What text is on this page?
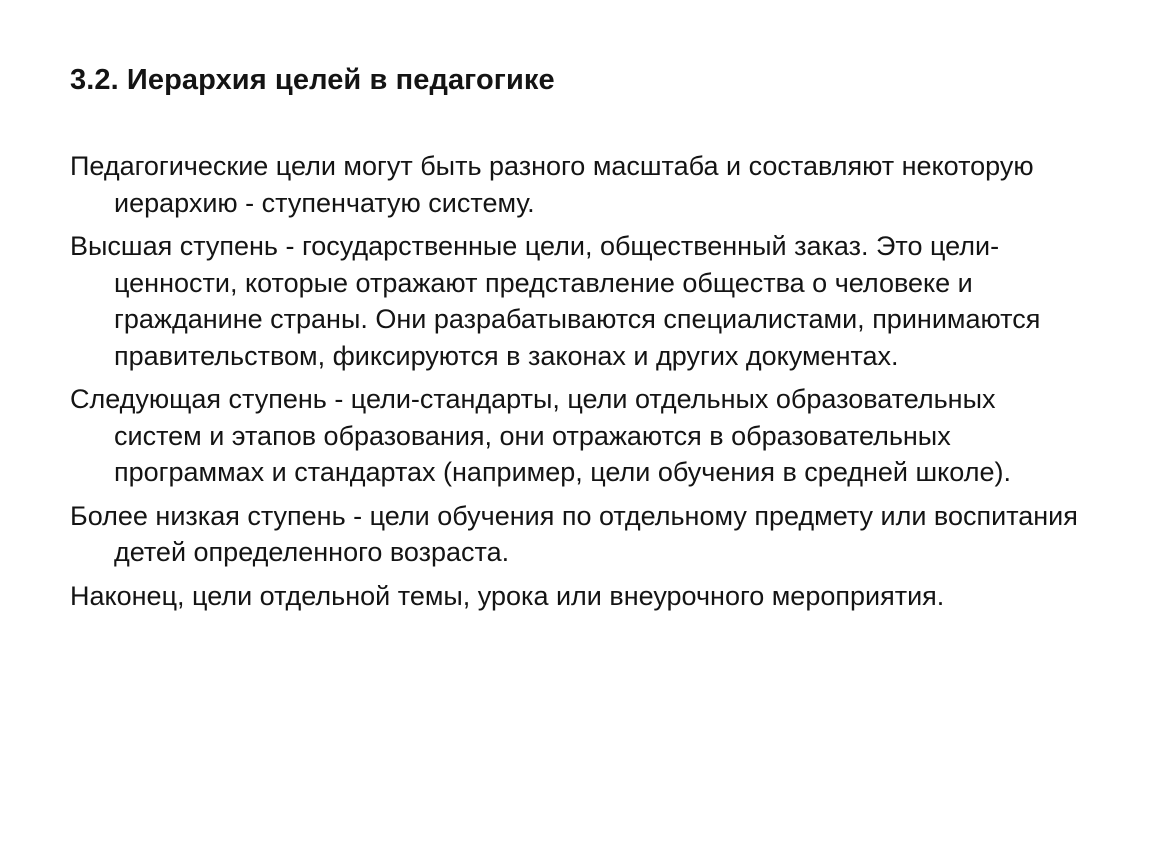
3.2. Иерархия целей в педагогике

Педагогические цели могут быть разного масштаба и составляют некоторую иерархию - ступенчатую систему.

Высшая ступень - государственные цели, общественный заказ. Это цели-ценности, которые отражают представление общества о человеке и гражданине страны. Они разрабатываются специалистами, принимаются правительством, фиксируются в законах и других документах.

Следующая ступень - цели-стандарты, цели отдельных образовательных систем и этапов образования, они отражаются в образовательных программах и стандартах (например, цели обучения в средней школе).

Более низкая ступень - цели обучения по отдельному предмету или воспитания детей определенного возраста.

Наконец, цели отдельной темы, урока или внеурочного мероприятия.
